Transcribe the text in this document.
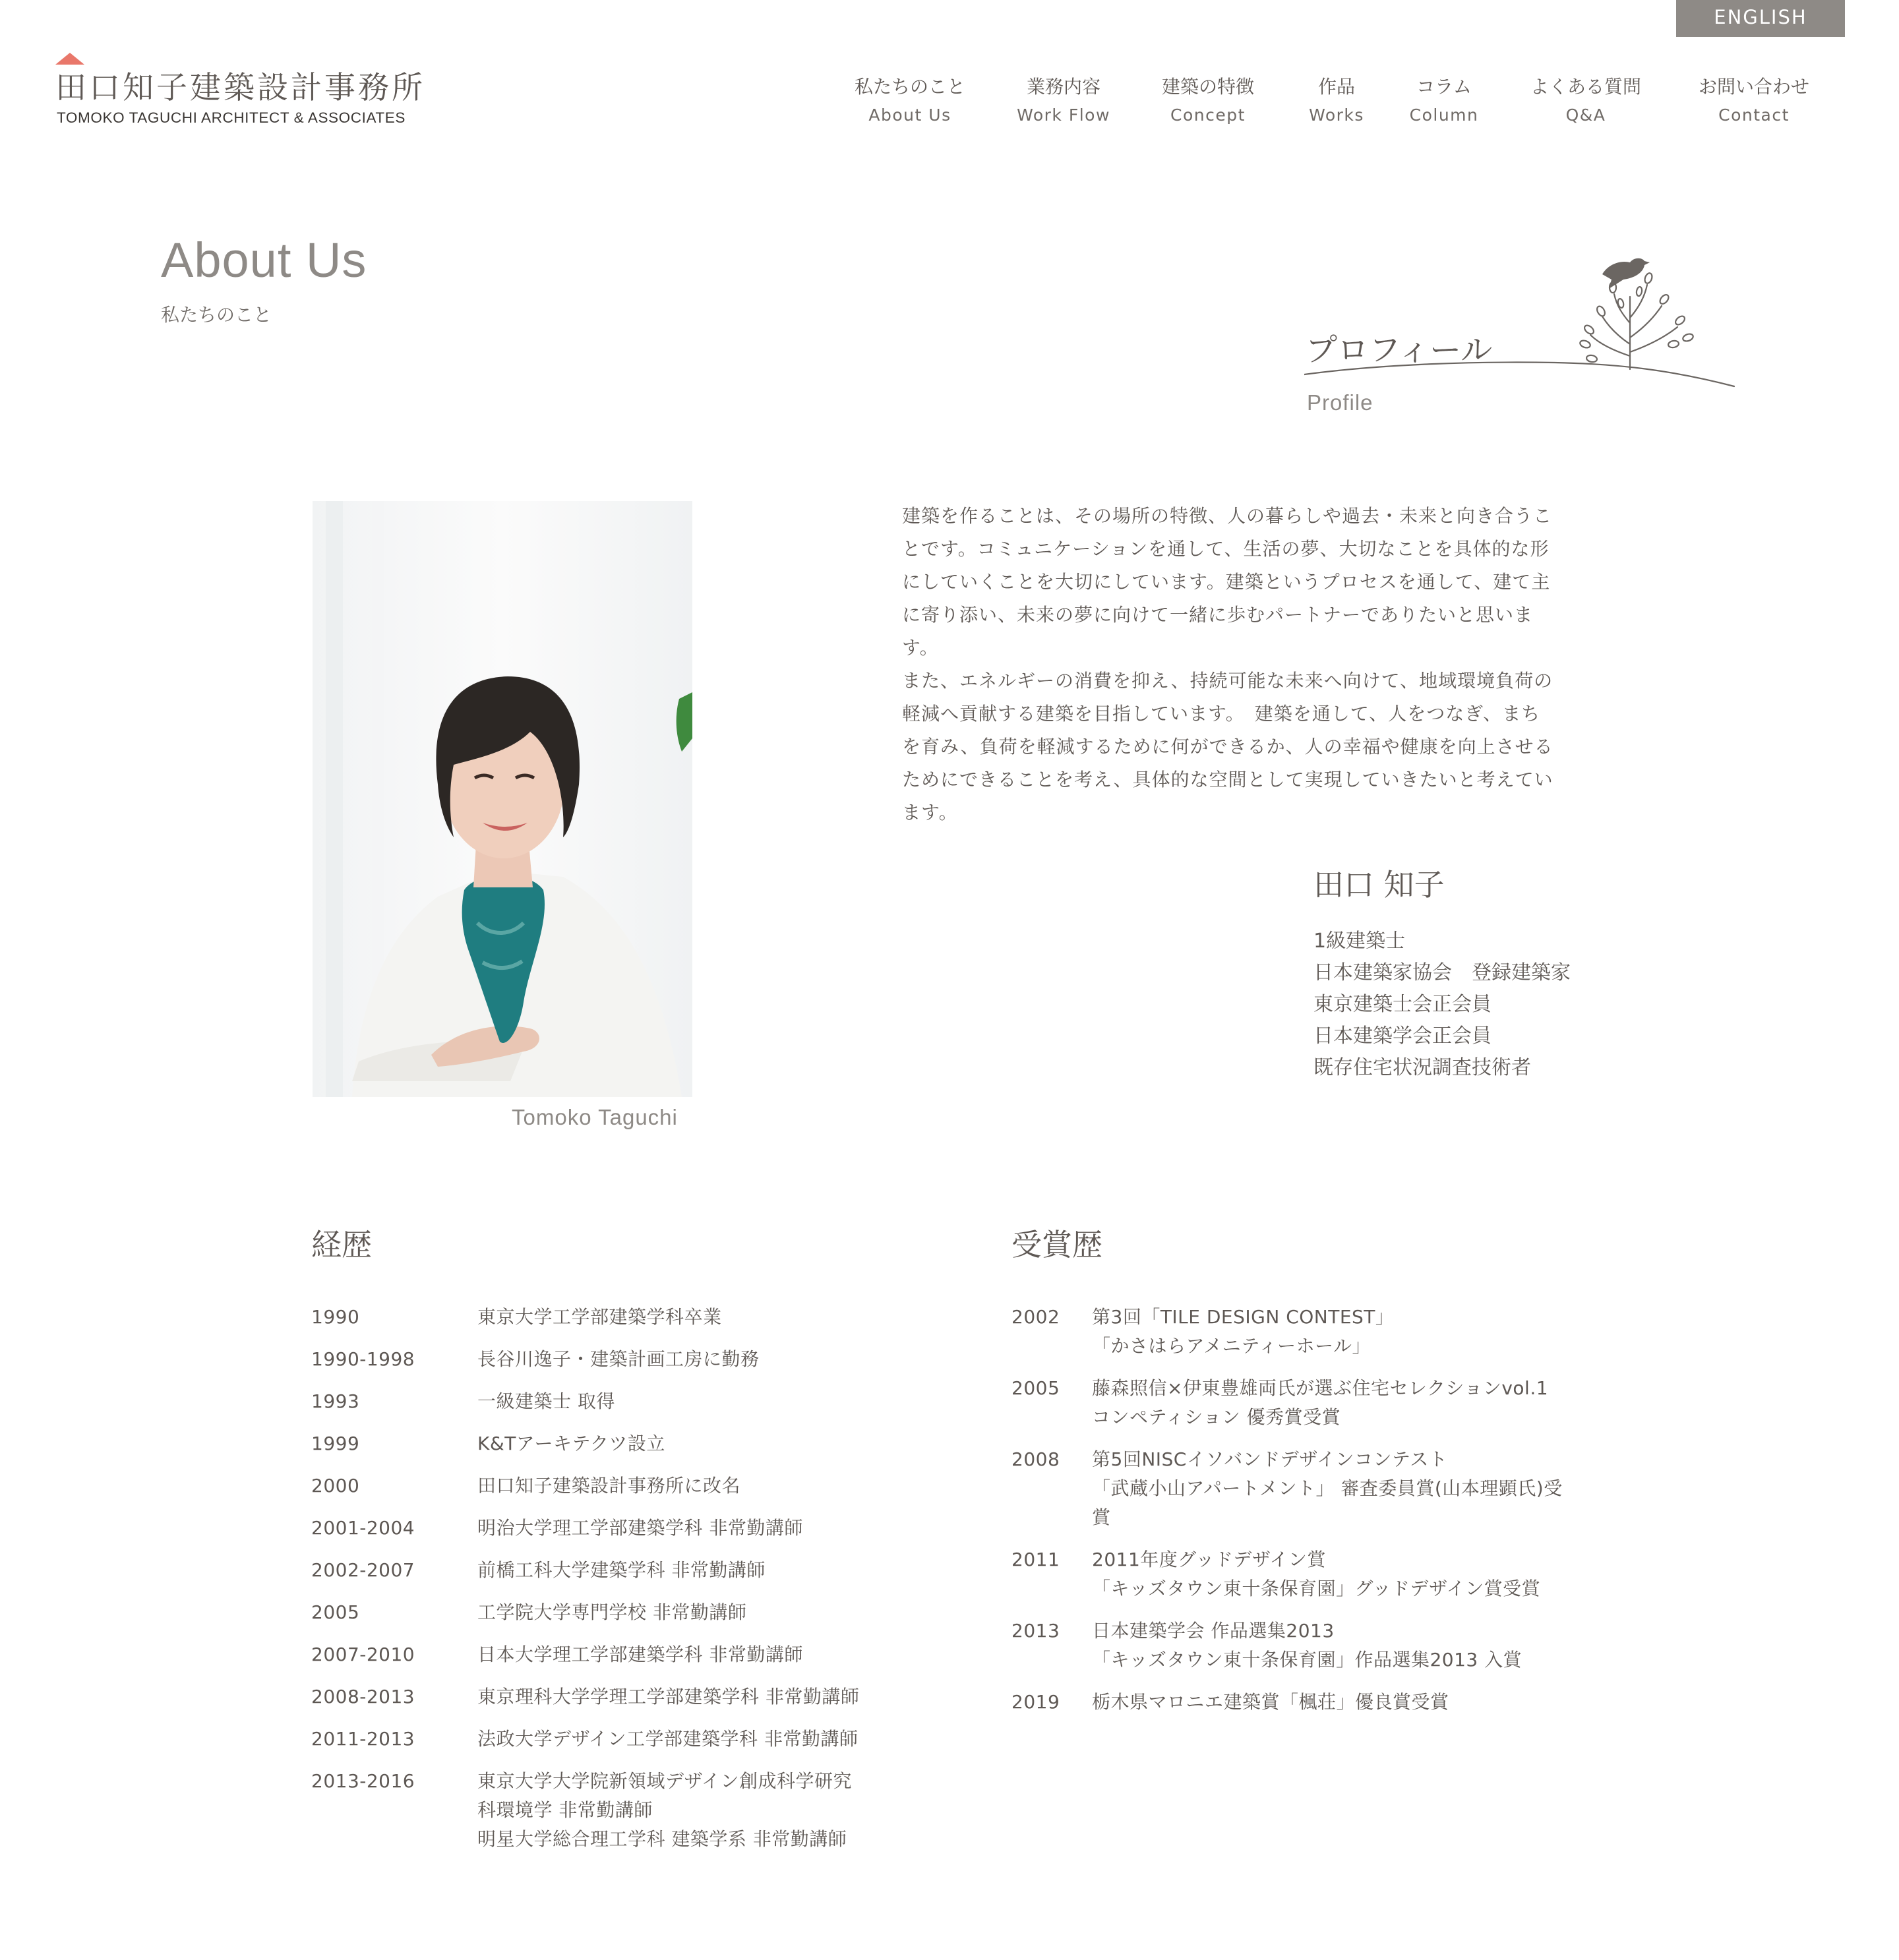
ENGLISH
田口知子建築設計事務所
TOMOKO TAGUCHI ARCHITECT & ASSOCIATES
私たちのこと
About Us
業務内容
Work Flow
建築の特徴
Concept
作品
Works
コラム
Column
よくある質問
Q&A
お問い合わせ
Contact
About Us
私たちのこと
プロフィール
Profile
Tomoko Taguchi

建築を作ることは、その場所の特徴、人の暮らしや過去・未来と向き合うこ

とです。コミュニケーションを通して、生活の夢、大切なことを具体的な形

にしていくことを大切にしています。建築というプロセスを通して、建て主

に寄り添い、未来の夢に向けて一緒に歩むパートナーでありたいと思いま

す。

また、エネルギーの消費を抑え、持続可能な未来へ向けて、地域環境負荷の

軽減へ貢献する建築を目指しています。　建築を通して、人をつなぎ、まち

を育み、負荷を軽減するために何ができるか、人の幸福や健康を向上させる

ためにできることを考え、具体的な空間として実現していきたいと考えてい

ます。

田口 知子
1級建築士
日本建築家協会　登録建築家
東京建築士会正会員
日本建築学会正会員
既存住宅状況調査技術者
経歴
1990	東京大学工学部建築学科卒業
1990-1998	長谷川逸子・建築計画工房に勤務
1993	一級建築士 取得
1999	K&Tアーキテクツ設立
2000	田口知子建築設計事務所に改名
2001-2004	明治大学理工学部建築学科 非常勤講師
2002-2007	前橋工科大学建築学科 非常勤講師
2005	工学院大学専門学校 非常勤講師
2007-2010	日本大学理工学部建築学科 非常勤講師
2008-2013	東京理科大学学理工学部建築学科 非常勤講師
2011-2013	法政大学デザイン工学部建築学科 非常勤講師
2013-2016	東京大学大学院新領域デザイン創成科学研究
科環境学 非常勤講師
明星大学総合理工学科 建築学系 非常勤講師
受賞歴
2002 第3回「TILE DESIGN CONTEST」
「かさはらアメニティーホール」
2005 藤森照信×伊東豊雄両氏が選ぶ住宅セレクションvol.1
コンペティション 優秀賞受賞
2008 第5回NISCイソバンドデザインコンテスト
「武蔵小山アパートメント」 審査委員賞(山本理顕氏)受
賞
2011 2011年度グッドデザイン賞
「キッズタウン東十条保育園」グッドデザイン賞受賞
2013 日本建築学会 作品選集2013
「キッズタウン東十条保育園」作品選集2013 入賞
2019 栃木県マロニエ建築賞「楓荘」優良賞受賞
